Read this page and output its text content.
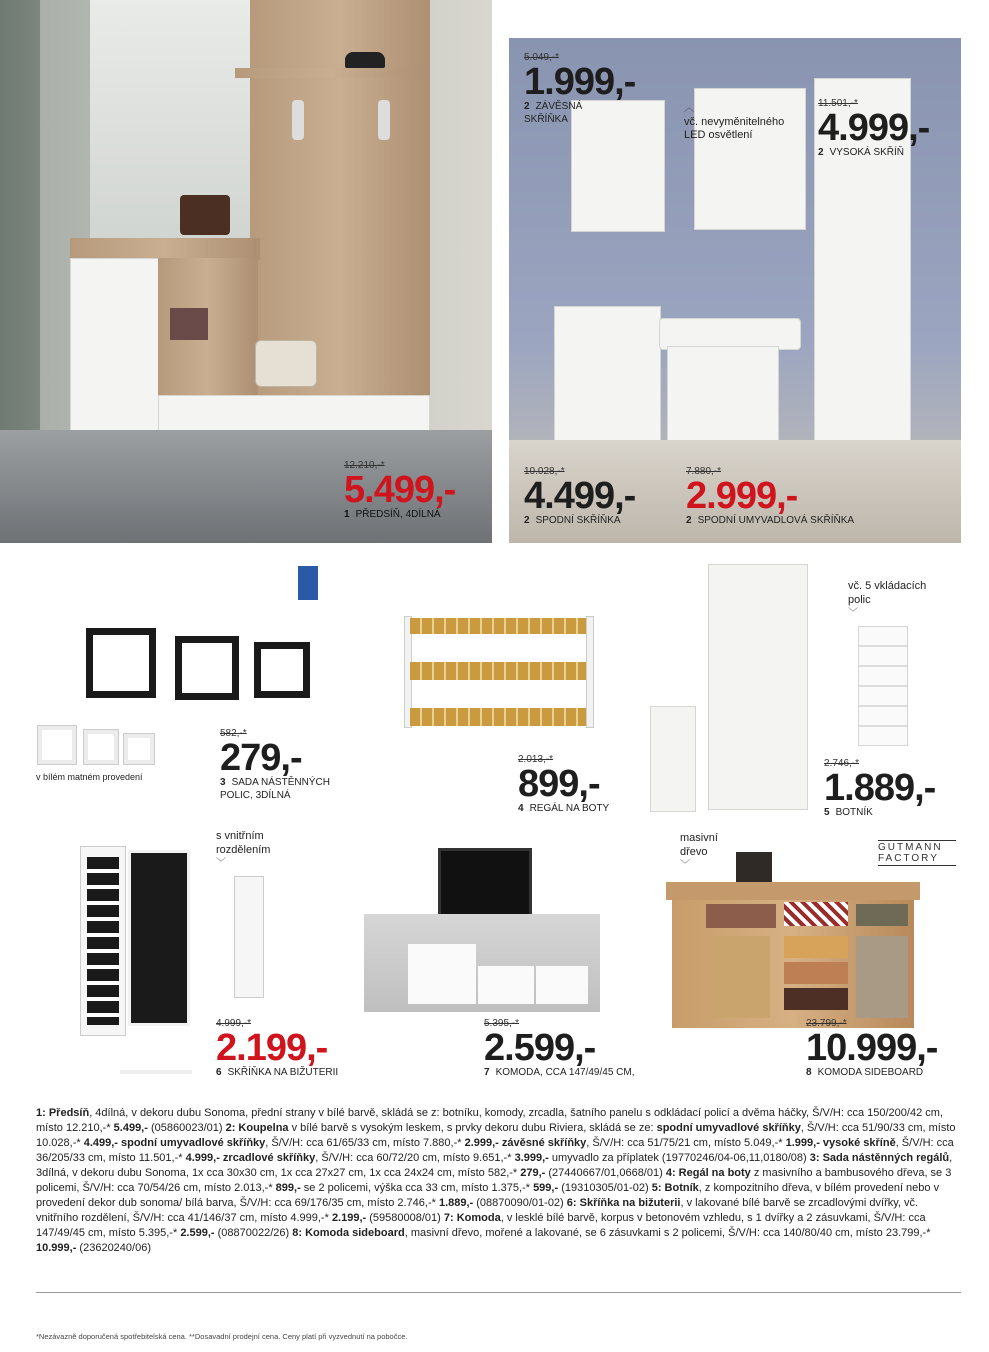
12.210,-*
5.499,-
1 PŘEDSÍŇ, 4DÍLNÁ
5.049,-*
1.999,-
2 ZÁVĚSNÁ SKŘÍŇKA
︿
vč. nevyměnitelného LED osvětlení
11.501,-*
4.999,-
2 VYSOKÁ SKŘÍŇ
10.028,-*
4.499,-
2 SPODNÍ SKŘÍŇKA
7.880,-*
2.999,-
2 SPODNÍ UMYVADLOVÁ SKŘÍŇKA
v bílém matném provedení
582,-*
279,-
3 SADA NÁSTĚNNÝCH POLIC, 3DÍLNÁ
2.013,-*
899,-
4 REGÁL NA BOTY
vč. 5 vkládacích polic
﹀
2.746,-*
1.889,-
5 BOTNÍK
s vnitřním rozdělením
﹀
4.999,-*
2.199,-
6 SKŘÍŇKA NA BIŽUTERII
5.395,-*
2.599,-
7 KOMODA, CCA 147/49/45 CM,
GUTMANN FACTORY
masivní dřevo
﹀
23.799,-*
10.999,-
8 KOMODA SIDEBOARD
1: Předsíň, 4dílná, v dekoru dubu Sonoma, přední strany v bílé barvě, skládá se z: botníku, komody, zrcadla, šatního panelu s odkládací policí a dvěma háčky, Š/V/H: cca 150/200/42 cm, místo 12.210,-* 5.499,- (05860023/01) 2: Koupelna v bílé barvě s vysokým leskem, s prvky dekoru dubu Riviera, skládá se ze: spodní umyvadlové skříňky, Š/V/H: cca 51/90/33 cm, místo 10.028,-* 4.499,- spodní umyvadlové skříňky, Š/V/H: cca 61/65/33 cm, místo 7.880,-* 2.999,- závěsné skříňky, Š/V/H: cca 51/75/21 cm, místo 5.049,-* 1.999,- vysoké skříně, Š/V/H: cca 36/205/33 cm, místo 11.501,-* 4.999,- zrcadlové skříňky, Š/V/H: cca 60/72/20 cm, místo 9.651,-* 3.999,- umyvadlo za příplatek (19770246/04-06,11,0180/08) 3: Sada nástěnných regálů, 3dílná, v dekoru dubu Sonoma, 1x cca 30x30 cm, 1x cca 27x27 cm, 1x cca 24x24 cm, místo 582,-* 279,- (27440667/01,0668/01) 4: Regál na boty z masivního a bambusového dřeva, se 3 policemi, Š/V/H: cca 70/54/26 cm, místo 2.013,-* 899,- se 2 policemi, výška cca 33 cm, místo 1.375,-* 599,- (19310305/01-02) 5: Botník, z kompozitního dřeva, v bílém provedení nebo v provedení dekor dub sonoma/ bílá barva, Š/V/H: cca 69/176/35 cm, místo 2.746,-* 1.889,- (08870090/01-02) 6: Skříňka na bižuterii, v lakované bílé barvě se zrcadlovými dvířky, vč. vnitřního rozdělení, Š/V/H: cca 41/146/37 cm, místo 4.999,-* 2.199,- (59580008/01) 7: Komoda, v lesklé bílé barvě, korpus v betonovém vzhledu, s 1 dvířky a 2 zásuvkami, Š/V/H: cca 147/49/45 cm, místo 5.395,-* 2.599,- (08870022/26) 8: Komoda sideboard, masivní dřevo, mořené a lakované, se 6 zásuvkami s 2 policemi, Š/V/H: cca 140/80/40 cm, místo 23.799,-* 10.999,- (23620240/06)
*Nezávazně doporučená spotřebitelská cena. **Dosavadní prodejní cena. Ceny platí při vyzvednutí na pobočce.
